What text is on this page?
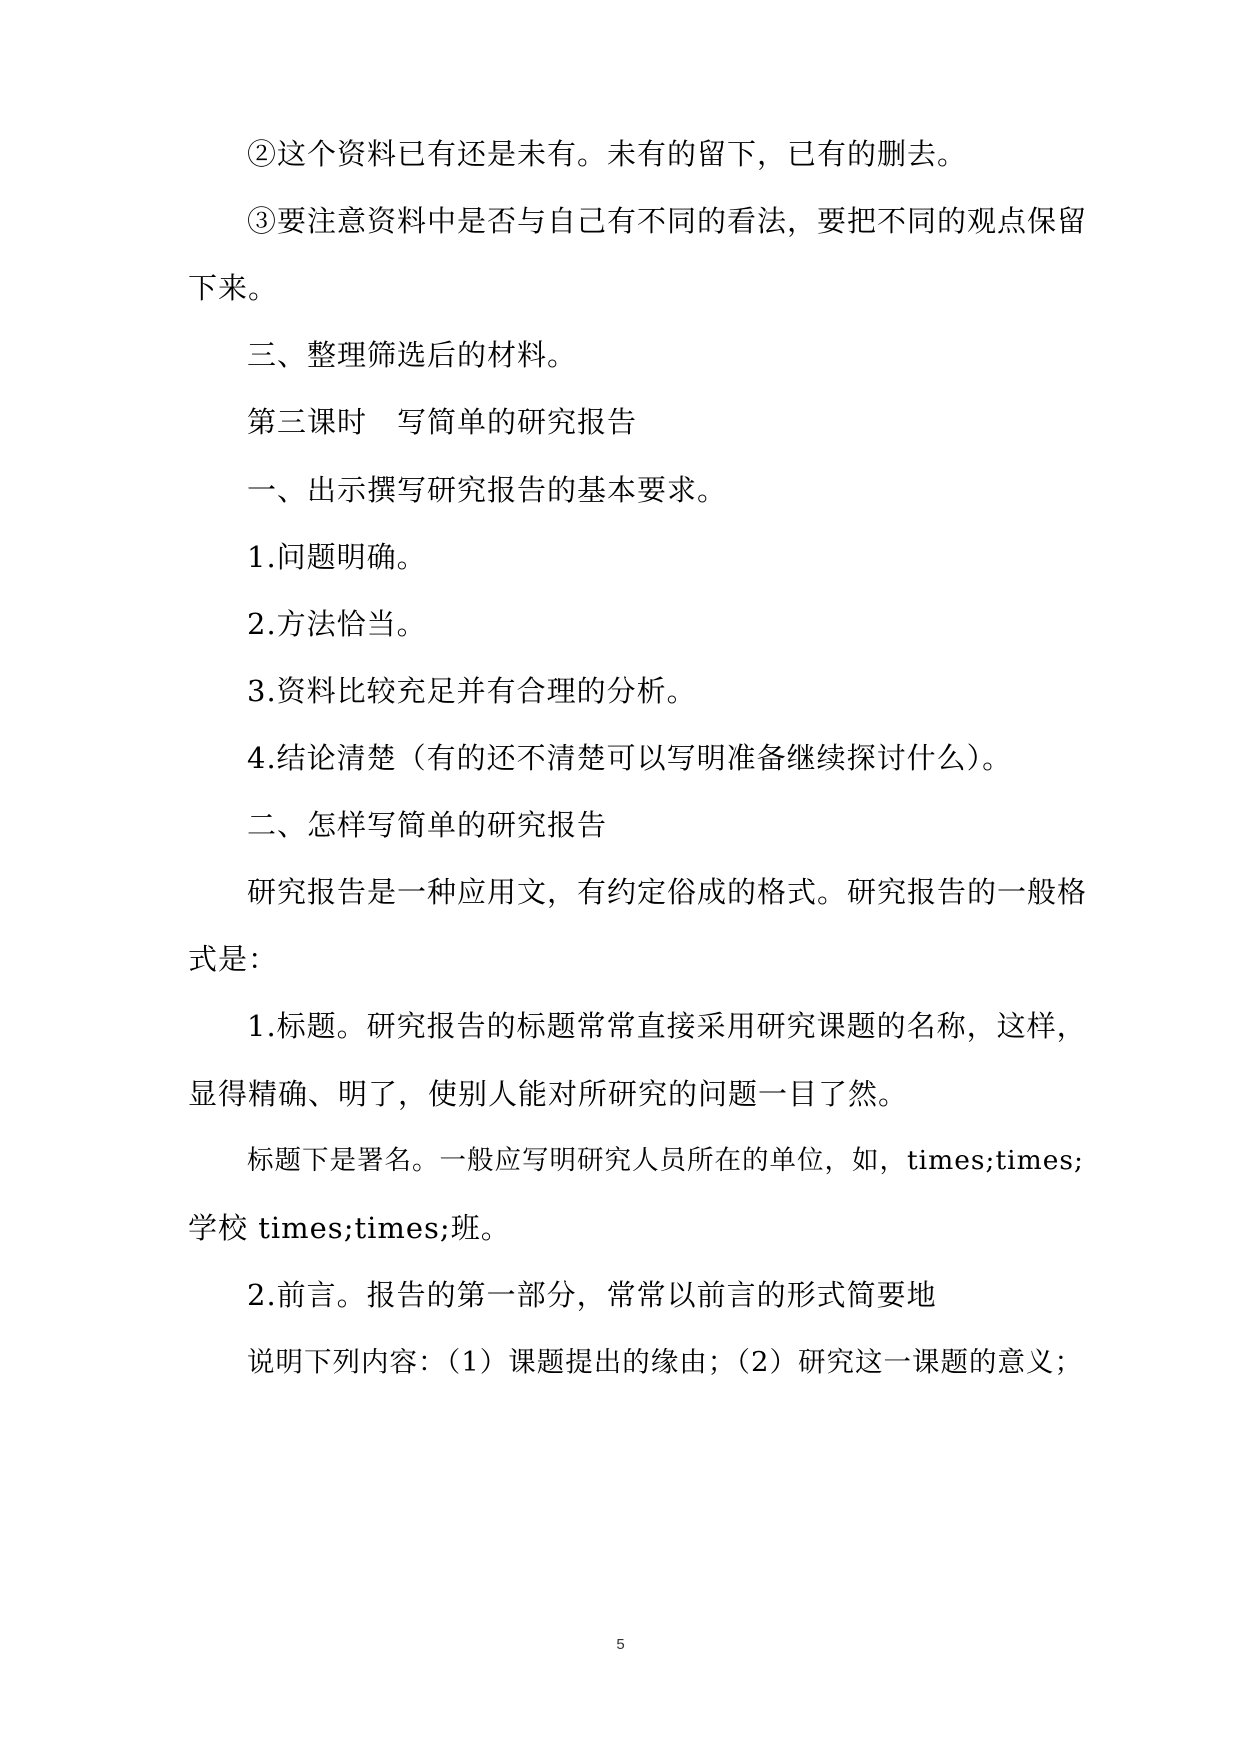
②这个资料已有还是未有。未有的留下，已有的删去。
③要注意资料中是否与自己有不同的看法，要把不同的观点保留
下来。
三、整理筛选后的材料。
第三课时　写简单的研究报告
一、出示撰写研究报告的基本要求。
1.问题明确。
2.方法恰当。
3.资料比较充足并有合理的分析。
4.结论清楚（有的还不清楚可以写明准备继续探讨什么）。
二、怎样写简单的研究报告
研究报告是一种应用文，有约定俗成的格式。研究报告的一般格
式是：
1.标题。研究报告的标题常常直接采用研究课题的名称，这样，
显得精确、明了，使别人能对所研究的问题一目了然。
标题下是署名。一般应写明研究人员所在的单位，如，times;times;
学校 times;times;班。
2.前言。报告的第一部分，常常以前言的形式简要地
说明下列内容：（1）课题提出的缘由；（2）研究这一课题的意义；
5
